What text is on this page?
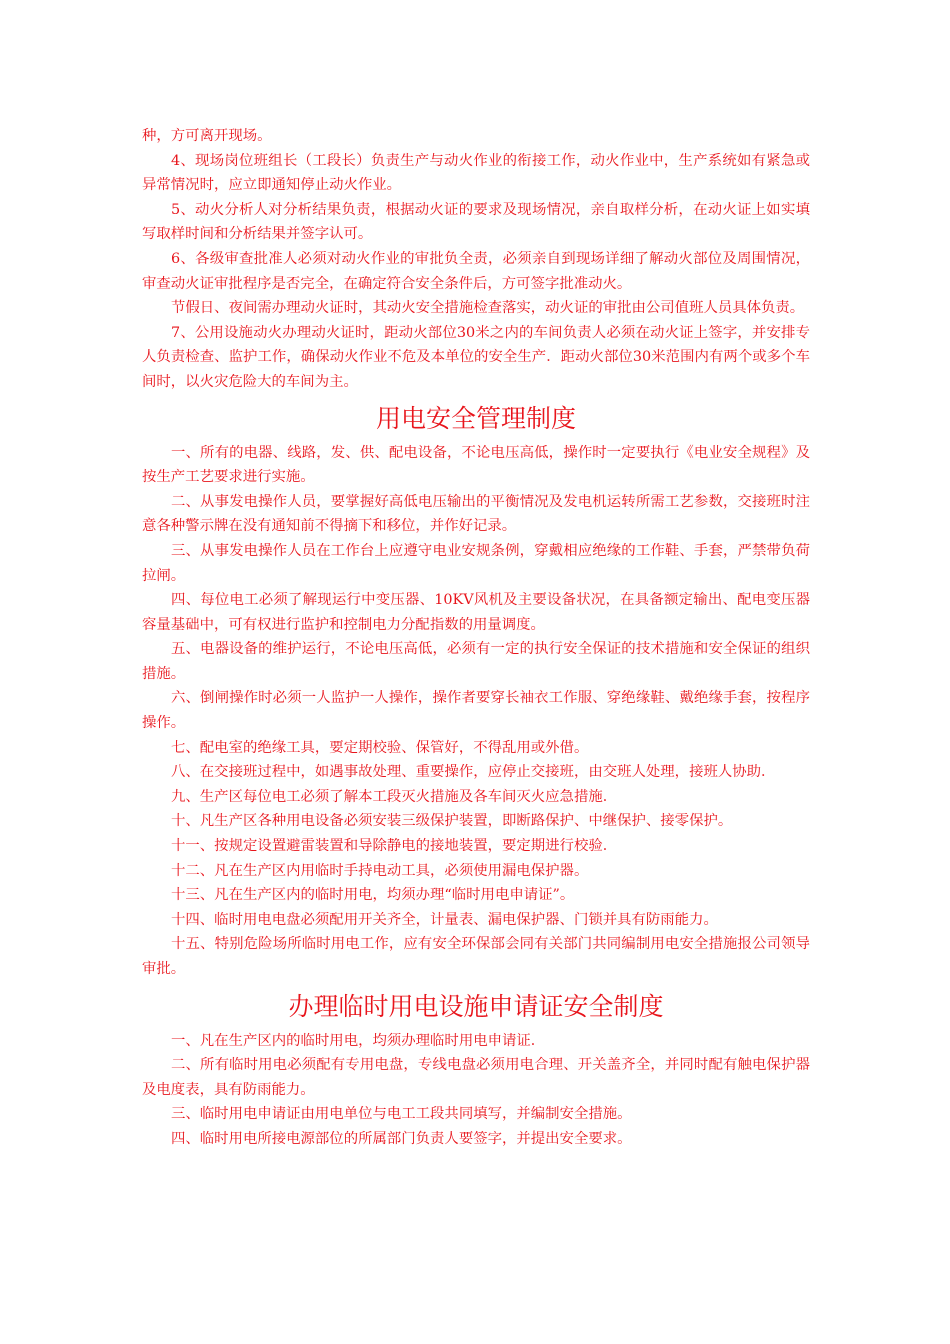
种，方可离开现场。

4、现场岗位班组长（工段长）负责生产与动火作业的衔接工作，动火作业中，生产系统如有紧急或异常情况时，应立即通知停止动火作业。

5、动火分析人对分析结果负责，根据动火证的要求及现场情况，亲自取样分析，在动火证上如实填写取样时间和分析结果并签字认可。

6、各级审查批准人必须对动火作业的审批负全责，必须亲自到现场详细了解动火部位及周围情况，审查动火证审批程序是否完全，在确定符合安全条件后，方可签字批准动火。

节假日、夜间需办理动火证时，其动火安全措施检查落实，动火证的审批由公司值班人员具体负责。

7、公用设施动火办理动火证时，距动火部位30米之内的车间负责人必须在动火证上签字，并安排专人负责检查、监护工作，确保动火作业不危及本单位的安全生产．距动火部位30米范围内有两个或多个车间时，以火灾危险大的车间为主。

用电安全管理制度

一、所有的电器、线路，发、供、配电设备，不论电压高低，操作时一定要执行《电业安全规程》及按生产工艺要求进行实施。

二、从事发电操作人员，要掌握好高低电压输出的平衡情况及发电机运转所需工艺参数，交接班时注意各种警示牌在没有通知前不得摘下和移位，并作好记录。

三、从事发电操作人员在工作台上应遵守电业安规条例，穿戴相应绝缘的工作鞋、手套，严禁带负荷拉闸。

四、每位电工必须了解现运行中变压器、10KV风机及主要设备状况，在具备额定输出、配电变压器容量基础中，可有权进行监护和控制电力分配指数的用量调度。

五、电器设备的维护运行，不论电压高低，必须有一定的执行安全保证的技术措施和安全保证的组织措施。

六、倒闸操作时必须一人监护一人操作，操作者要穿长袖衣工作服、穿绝缘鞋、戴绝缘手套，按程序操作。

七、配电室的绝缘工具，要定期校验、保管好，不得乱用或外借。

八、在交接班过程中，如遇事故处理、重要操作，应停止交接班，由交班人处理，接班人协助．

九、生产区每位电工必须了解本工段灭火措施及各车间灭火应急措施．

十、凡生产区各种用电设备必须安装三级保护装置，即断路保护、中继保护、接零保护。

十一、按规定设置避雷装置和导除静电的接地装置，要定期进行校验．

十二、凡在生产区内用临时手持电动工具，必须使用漏电保护器。

十三、凡在生产区内的临时用电，均须办理“临时用电申请证”。

十四、临时用电电盘必须配用开关齐全，计量表、漏电保护器、门锁并具有防雨能力。

十五、特别危险场所临时用电工作，应有安全环保部会同有关部门共同编制用电安全措施报公司领导审批。

办理临时用电设施申请证安全制度

一、凡在生产区内的临时用电，均须办理临时用电申请证．

二、所有临时用电必须配有专用电盘，专线电盘必须用电合理、开关盖齐全，并同时配有触电保护器及电度表，具有防雨能力。

三、临时用电申请证由用电单位与电工工段共同填写，并编制安全措施。

四、临时用电所接电源部位的所属部门负责人要签字，并提出安全要求。
